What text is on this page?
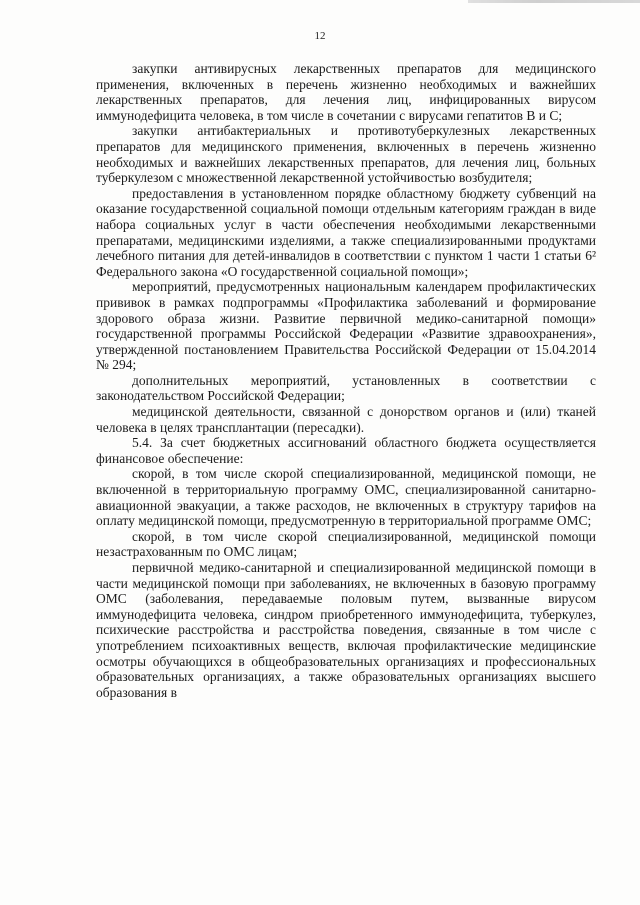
12

закупки антивирусных лекарственных препаратов для медицинского применения, включенных в перечень жизненно необходимых и важнейших лекарственных препаратов, для лечения лиц, инфицированных вирусом иммунодефицита человека, в том числе в сочетании с вирусами гепатитов В и С;

закупки антибактериальных и противотуберкулезных лекарственных препаратов для медицинского применения, включенных в перечень жизненно необходимых и важнейших лекарственных препаратов, для лечения лиц, больных туберкулезом с множественной лекарственной устойчивостью возбудителя;

предоставления в установленном порядке областному бюджету субвенций на оказание государственной социальной помощи отдельным категориям граждан в виде набора социальных услуг в части обеспечения необходимыми лекарственными препаратами, медицинскими изделиями, а также специализированными продуктами лечебного питания для детей-инвалидов в соответствии с пунктом 1 части 1 статьи 6² Федерального закона «О государственной социальной помощи»;

мероприятий, предусмотренных национальным календарем профилактических прививок в рамках подпрограммы «Профилактика заболеваний и формирование здорового образа жизни. Развитие первичной медико-санитарной помощи» государственной программы Российской Федерации «Развитие здравоохранения», утвержденной постановлением Правительства Российской Федерации от 15.04.2014 № 294;

дополнительных мероприятий, установленных в соответствии с законодательством Российской Федерации;

медицинской деятельности, связанной с донорством органов и (или) тканей человека в целях трансплантации (пересадки).

5.4. За счет бюджетных ассигнований областного бюджета осуществляется финансовое обеспечение:

скорой, в том числе скорой специализированной, медицинской помощи, не включенной в территориальную программу ОМС, специализированной санитарно-авиационной эвакуации, а также расходов, не включенных в структуру тарифов на оплату медицинской помощи, предусмотренную в территориальной программе ОМС;

скорой, в том числе скорой специализированной, медицинской помощи незастрахованным по ОМС лицам;

первичной медико-санитарной и специализированной медицинской помощи в части медицинской помощи при заболеваниях, не включенных в базовую программу ОМС (заболевания, передаваемые половым путем, вызванные вирусом иммунодефицита человека, синдром приобретенного иммунодефицита, туберкулез, психические расстройства и расстройства поведения, связанные в том числе с употреблением психоактивных веществ, включая профилактические медицинские осмотры обучающихся в общеобразовательных организациях и профессиональных образовательных организациях, а также образовательных организациях высшего образования в
